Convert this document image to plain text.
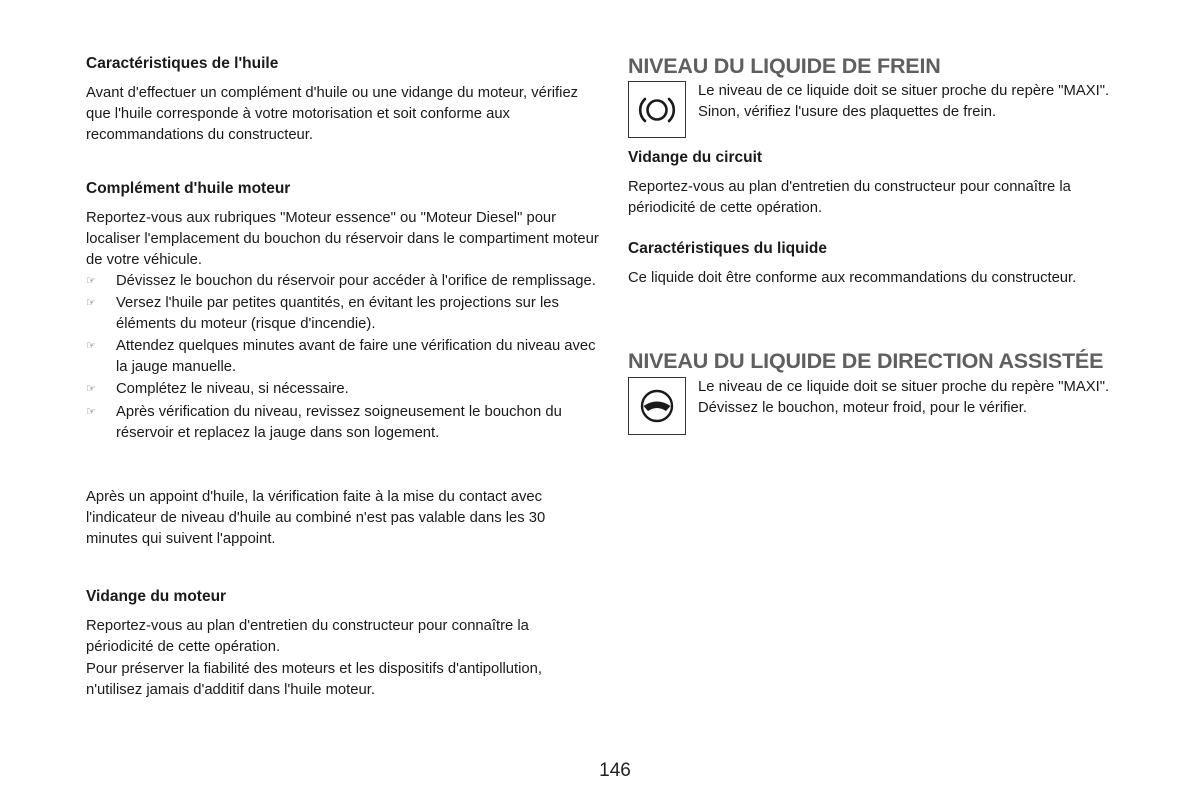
Caractéristiques de l'huile

Avant d'effectuer un complément d'huile ou une vidange du moteur, vérifiez que l'huile corresponde à votre motorisation et soit conforme aux recommandations du constructeur.

Complément d'huile moteur

Reportez-vous aux rubriques "Moteur essence" ou "Moteur Diesel" pour localiser l'emplacement du bouchon du réservoir dans le compartiment moteur de votre véhicule.

☞ Dévissez le bouchon du réservoir pour accéder à l'orifice de remplissage.
☞ Versez l'huile par petites quantités, en évitant les projections sur les éléments du moteur (risque d'incendie).
☞ Attendez quelques minutes avant de faire une vérification du niveau avec la jauge manuelle.
☞ Complétez le niveau, si nécessaire.
☞ Après vérification du niveau, revissez soigneusement le bouchon du réservoir et replacez la jauge dans son logement.

Après un appoint d'huile, la vérification faite à la mise du contact avec l'indicateur de niveau d'huile au combiné n'est pas valable dans les 30 minutes qui suivent l'appoint.

Vidange du moteur

Reportez-vous au plan d'entretien du constructeur pour connaître la périodicité de cette opération.

Pour préserver la fiabilité des moteurs et les dispositifs d'antipollution, n'utilisez jamais d'additif dans l'huile moteur.

NIVEAU DU LIQUIDE DE FREIN

Le niveau de ce liquide doit se situer proche du repère "MAXI". Sinon, vérifiez l'usure des plaquettes de frein.

Vidange du circuit

Reportez-vous au plan d'entretien du constructeur pour connaître la périodicité de cette opération.

Caractéristiques du liquide

Ce liquide doit être conforme aux recommandations du constructeur.

NIVEAU DU LIQUIDE DE DIRECTION ASSISTÉE

Le niveau de ce liquide doit se situer proche du repère "MAXI". Dévissez le bouchon, moteur froid, pour le vérifier.

146
